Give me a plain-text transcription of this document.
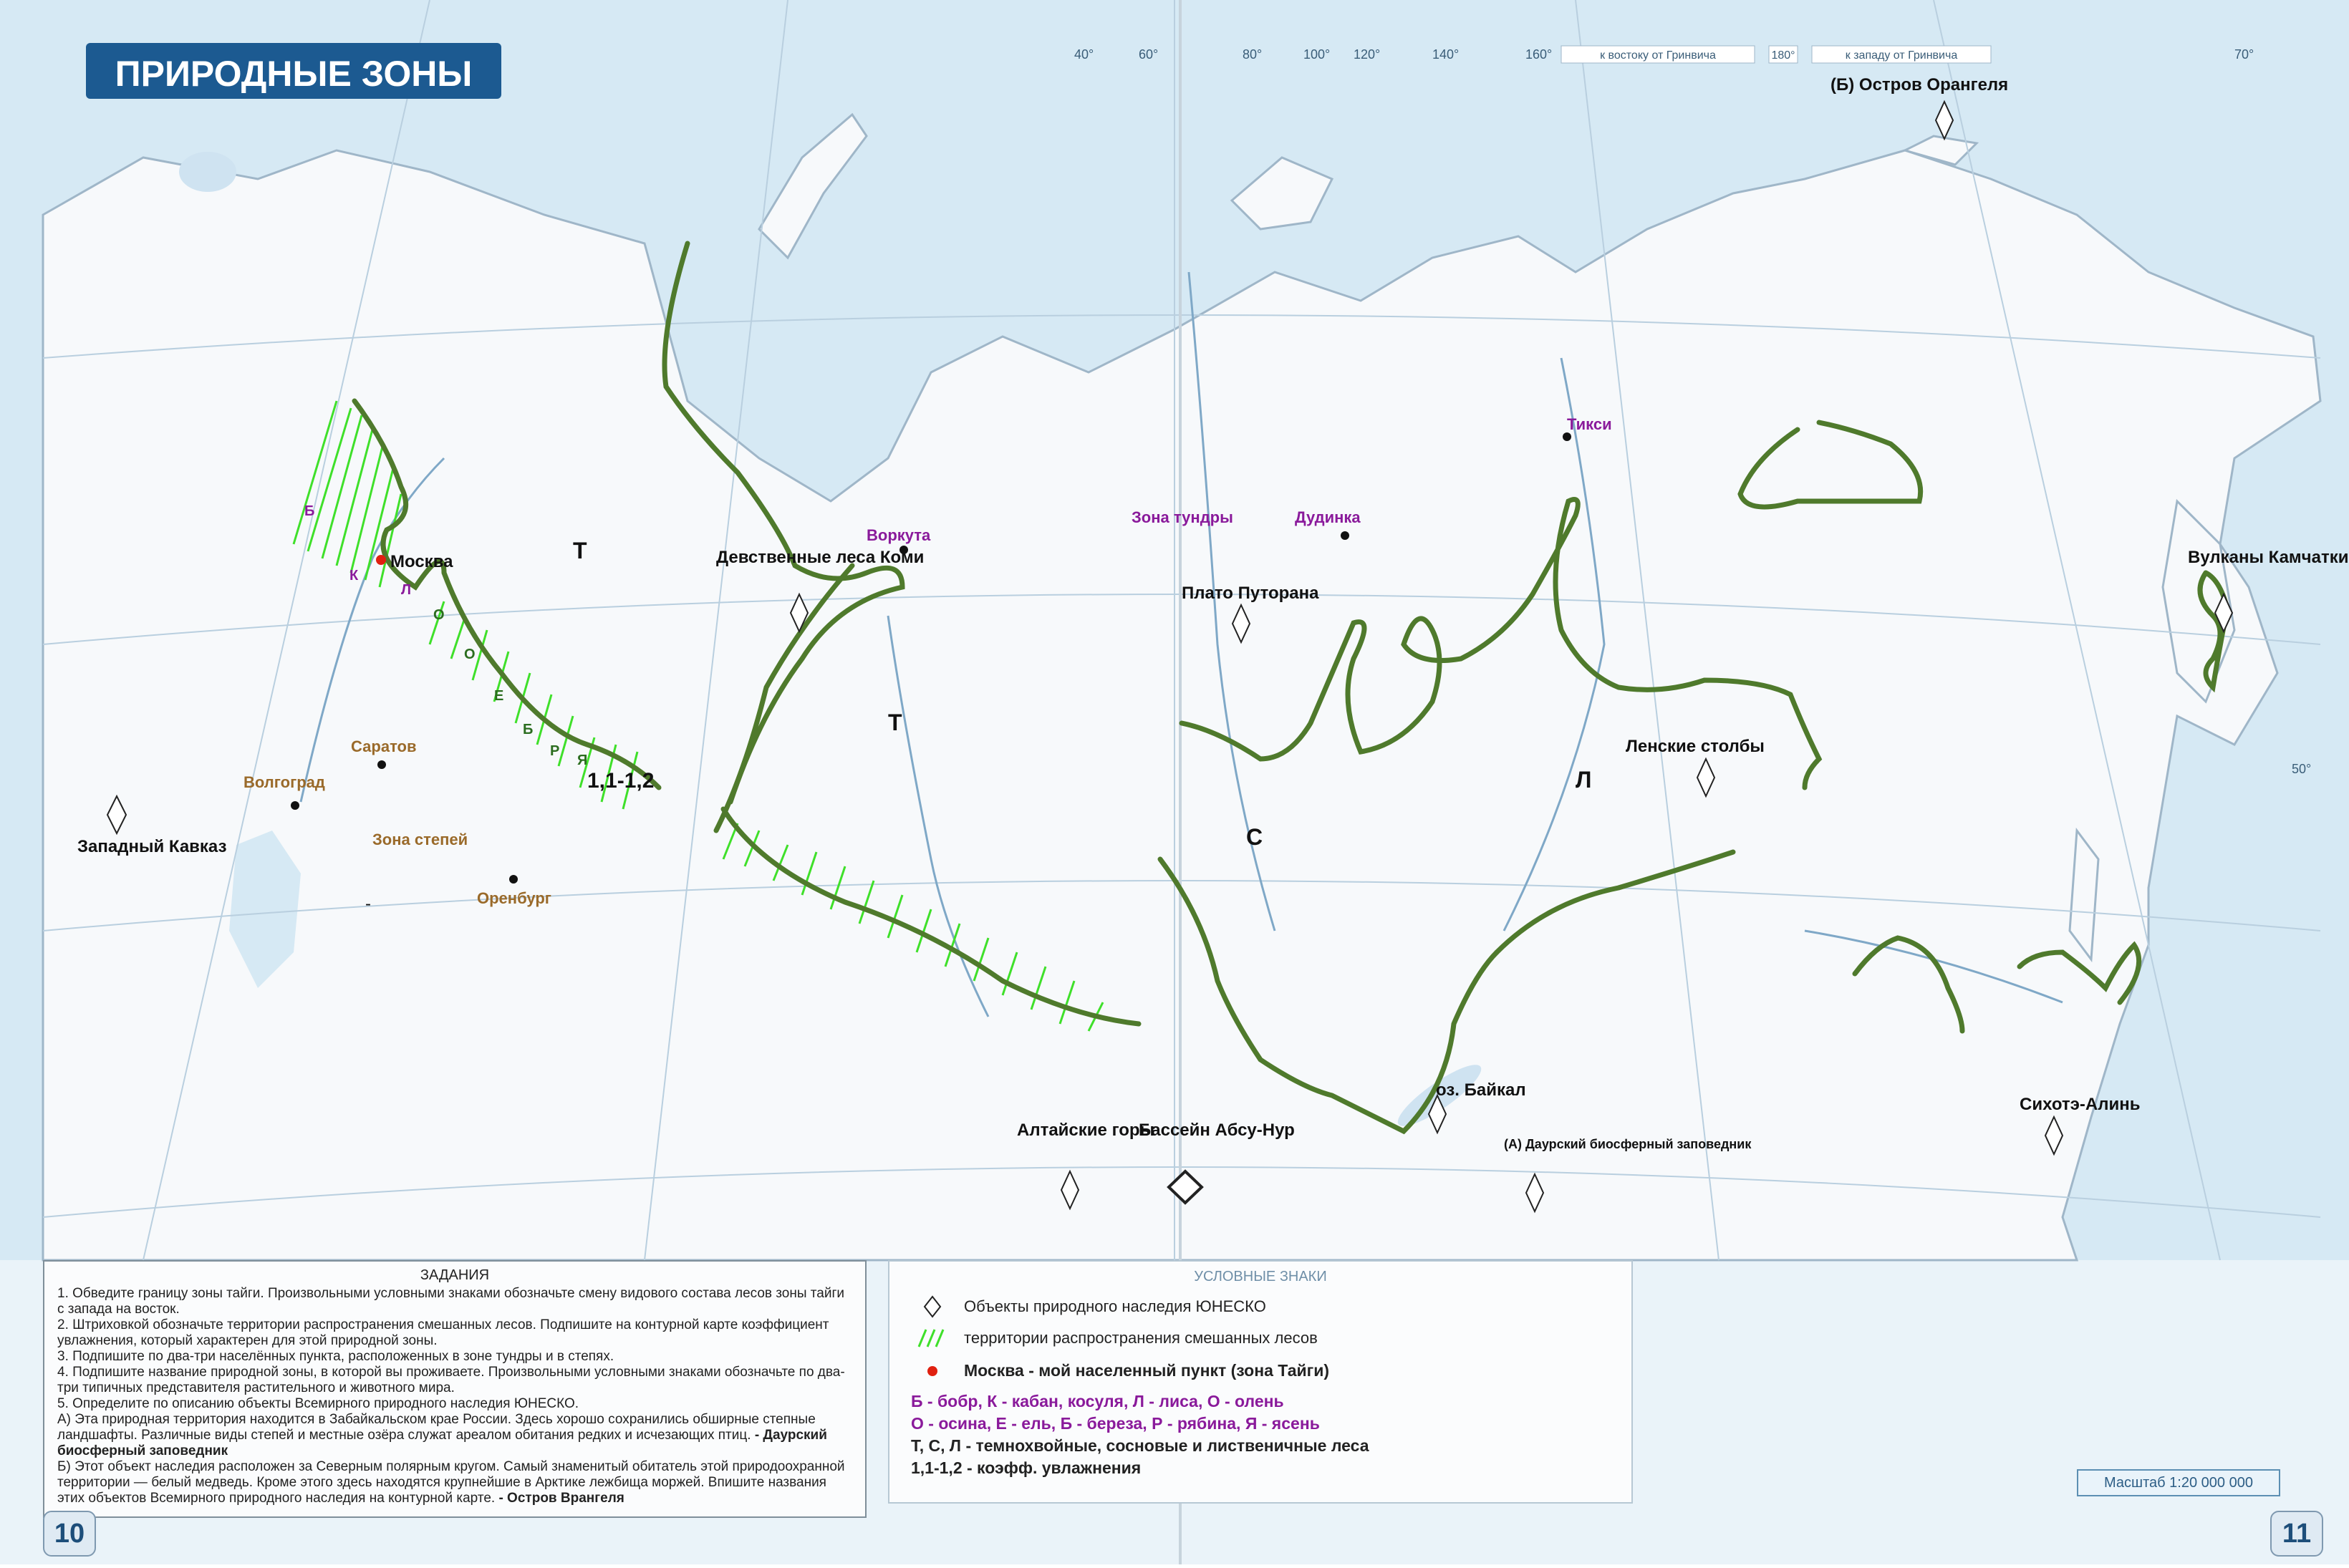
ПРИРОДНЫЕ ЗОНЫ	к востоку от Гринвича	180°	к западу от Гринвича
40°	60°	80°	100° 120°	140°	160°	70°
50°
Т
Т
С
Л
1,1-1,2
-
Б
К
Л
О
О
Е
Б
Р
Я
Зона тундры
Зона степей
Москва
Саратов
Волгоград
Оренбург
Воркута
Дудинка
Тикси
Западный Кавказ
Девственные леса Коми
Плато Путорана
Ленские столбы
(Б) Остров Орангеля
Вулканы Камчатки
Сихотэ-Алинь
оз. Байкал
Алтайские горы
Бассейн Абсу-Нур
(А) Даурский биосферный заповедник
ЗАДАНИЯ

1. Обведите границу зоны тайги. Произвольными условными знаками обозначьте смену видового состава лесов зоны тайги с запада на восток.

2. Штриховкой обозначьте территории распространения смешанных лесов. Подпишите на контурной карте коэффициент увлажнения, который характерен для этой природной зоны.

3. Подпишите по два-три населённых пункта, расположенных в зоне тундры и в степях.

4. Подпишите название природной зоны, в которой вы проживаете. Произвольными условными знаками обозначьте по два-три типичных представителя растительного и животного мира.

5. Определите по описанию объекты Всемирного природного наследия ЮНЕСКО.

А) Эта природная территория находится в Забайкальском крае России. Здесь хорошо сохранились обширные степные ландшафты. Различные виды степей и местные озёра служат ареалом обитания редких и исчезающих птиц. - Даурский биосферный заповедник

Б) Этот объект наследия расположен за Северным полярным кругом. Самый знаменитый обитатель этой природоохранной территории — белый медведь. Кроме этого здесь находятся крупнейшие в Арктике лежбища моржей. Впишите названия этих объектов Всемирного природного наследия на контурной карте. - Остров Врангеля

УСЛОВНЫЕ ЗНАКИ
Объекты природного наследия ЮНЕСКО
территории распространения смешанных лесов
Москва - мой населенный пункт (зона Тайги)
Б - бобр, К - кабан, косуля, Л - лиса, О - олень
О - осина, Е - ель, Б - береза, Р - рябина, Я - ясень
Т, С, Л - темнохвойные, сосновые и лиственичные леса
1,1-1,2 - коэфф. увлажнения
Масштаб 1:20 000 000
10	11
